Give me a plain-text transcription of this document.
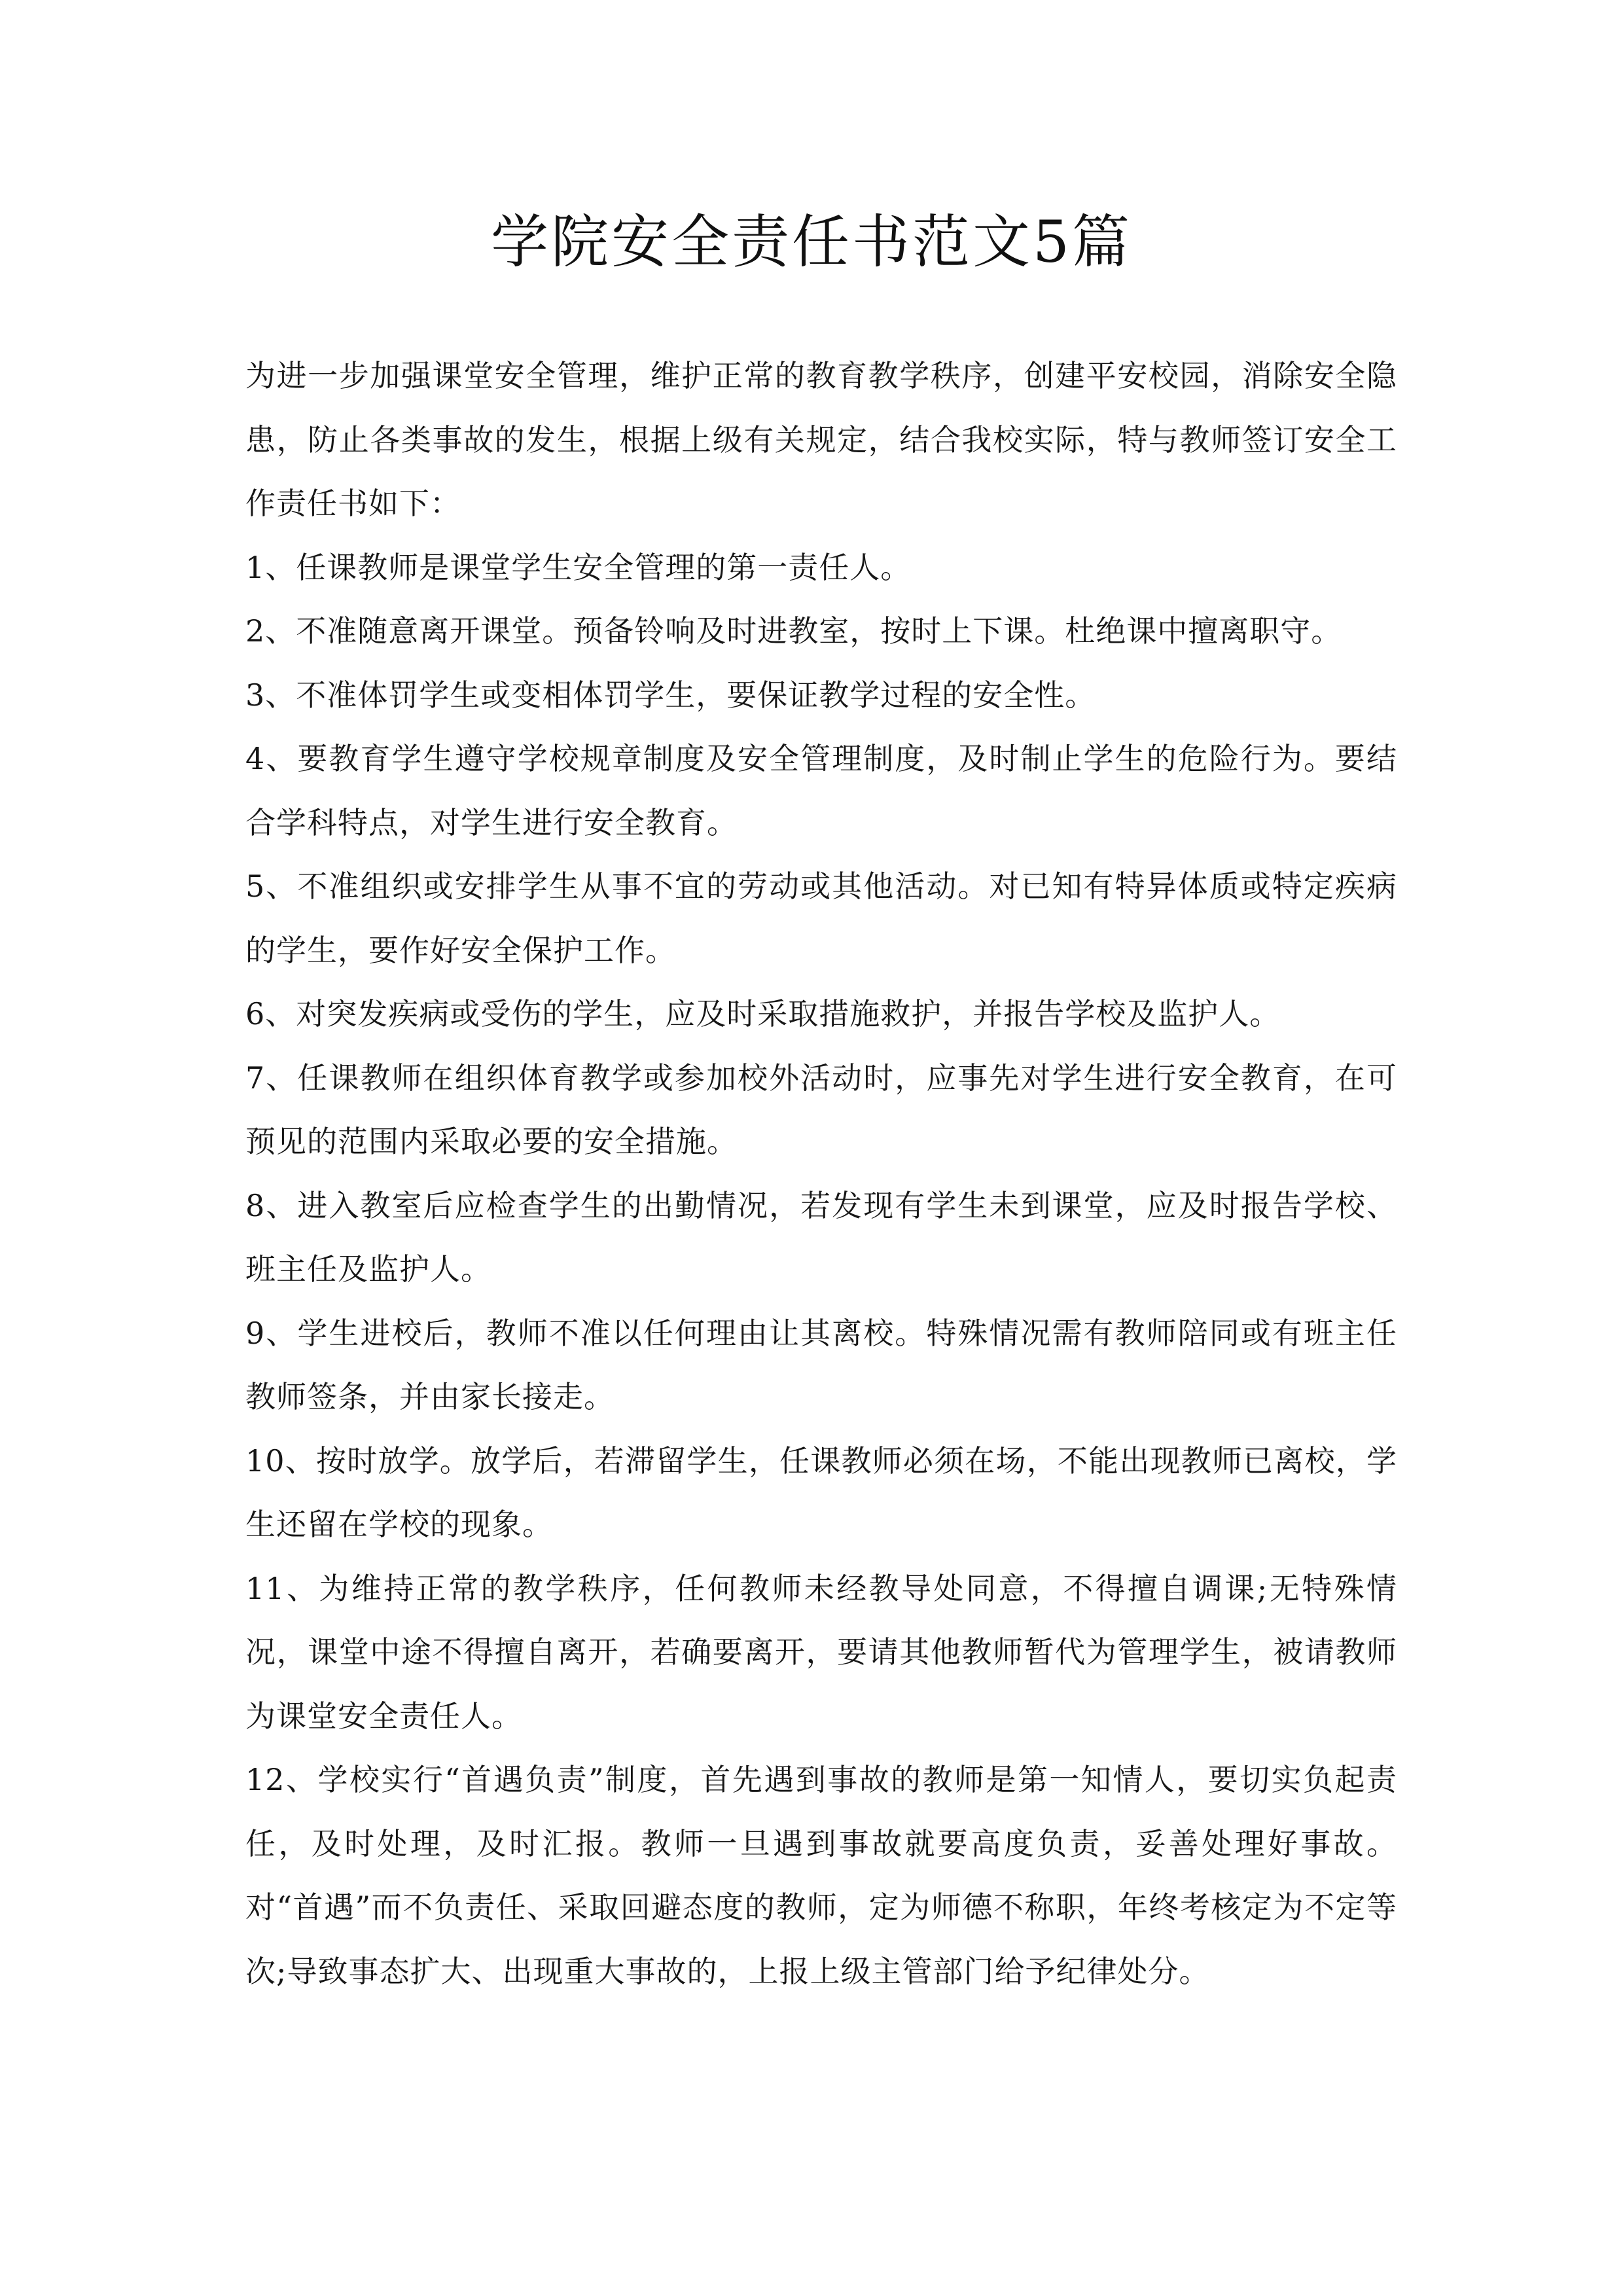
学院安全责任书范文5篇

为进一步加强课堂安全管理，维护正常的教育教学秩序，创建平安校园，消除安全隐患，防止各类事故的发生，根据上级有关规定，结合我校实际，特与教师签订安全工作责任书如下：

1、任课教师是课堂学生安全管理的第一责任人。

2、不准随意离开课堂。预备铃响及时进教室，按时上下课。杜绝课中擅离职守。

3、不准体罚学生或变相体罚学生，要保证教学过程的安全性。

4、要教育学生遵守学校规章制度及安全管理制度，及时制止学生的危险行为。要结合学科特点，对学生进行安全教育。

5、不准组织或安排学生从事不宜的劳动或其他活动。对已知有特异体质或特定疾病的学生，要作好安全保护工作。

6、对突发疾病或受伤的学生，应及时采取措施救护，并报告学校及监护人。

7、任课教师在组织体育教学或参加校外活动时，应事先对学生进行安全教育，在可预见的范围内采取必要的安全措施。

8、进入教室后应检查学生的出勤情况，若发现有学生未到课堂，应及时报告学校、班主任及监护人。

9、学生进校后，教师不准以任何理由让其离校。特殊情况需有教师陪同或有班主任教师签条，并由家长接走。

10、按时放学。放学后，若滞留学生，任课教师必须在场，不能出现教师已离校，学生还留在学校的现象。

11、为维持正常的教学秩序，任何教师未经教导处同意，不得擅自调课;无特殊情况，课堂中途不得擅自离开，若确要离开，要请其他教师暂代为管理学生，被请教师为课堂安全责任人。

12、学校实行“首遇负责”制度，首先遇到事故的教师是第一知情人，要切实负起责任，及时处理，及时汇报。教师一旦遇到事故就要高度负责，妥善处理好事故。对“首遇”而不负责任、采取回避态度的教师，定为师德不称职，年终考核定为不定等次;导致事态扩大、出现重大事故的，上报上级主管部门给予纪律处分。
